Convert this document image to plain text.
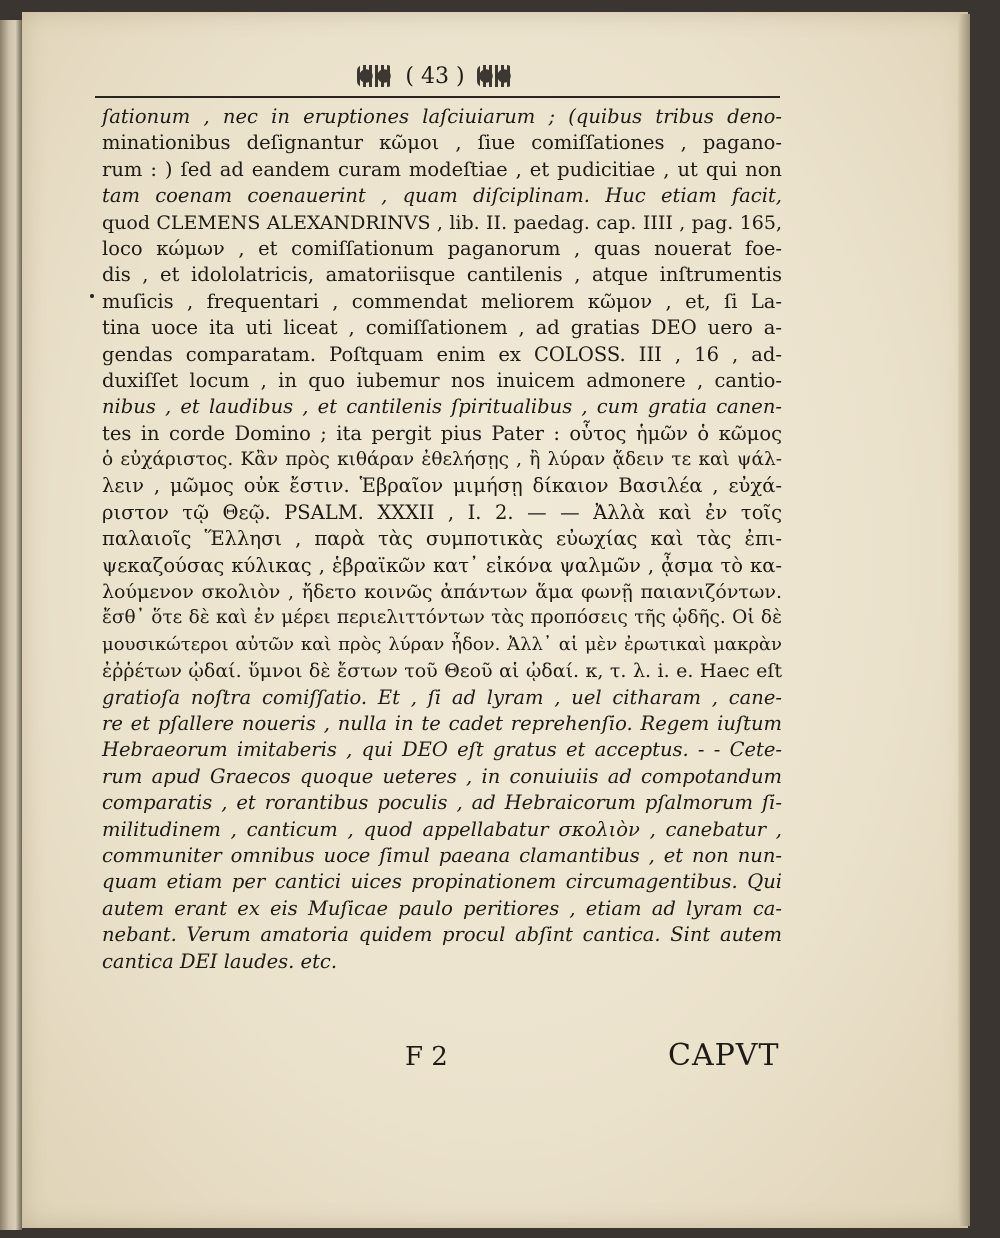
( 43 )
ſationum , nec in eruptiones laſciuiarum ; (quibus tribus deno-
minationibus deſignantur κῶμοι , ſiue comiſſationes , pagano-
rum : ) ſed ad eandem curam modeſtiae , et pudicitiae , ut qui non
tam coenam coenauerint , quam diſciplinam. Huc etiam facit,
quod CLEMENS ALEXANDRINVS , lib. II. paedag. cap. IIII , pag. 165,
loco κώμων , et comiſſationum paganorum , quas nouerat foe-
dis , et idololatricis, amatoriisque cantilenis , atque inſtrumentis
muſicis , frequentari , commendat meliorem κῶμον , et, ſi La-
tina uoce ita uti liceat , comiſſationem , ad gratias DEO uero a-
gendas comparatam. Poſtquam enim ex COLOSS. III , 16 , ad-
duxiſſet locum , in quo iubemur nos inuicem admonere , cantio-
nibus , et laudibus , et cantilenis ſpiritualibus , cum gratia canen-
tes in corde Domino ; ita pergit pius Pater : οὗτος ἡμῶν ὁ κῶμος
ὁ εὐχάριστος. Κἂν πρὸς κιθάραν ἐθελήσῃς , ἢ λύραν ᾄδειν τε καὶ ψάλ-
λειν , μῶμος οὐκ ἔστιν. Ἑβραῖον μιμήσῃ δίκαιον Βασιλέα , εὐχά-
ριστον τῷ Θεῷ. PSALM. XXXII , I. 2. — — Ἀλλὰ καὶ ἐν τοῖς
παλαιοῖς Ἕλλησι , παρὰ τὰς συμποτικὰς εὐωχίας καὶ τὰς ἐπι-
ψεκαζούσας κύλικας , ἑβραϊκῶν κατ᾽ εἰκόνα ψαλμῶν , ᾆσμα τὸ κα-
λούμενον σκολιὸν , ἤδετο κοινῶς ἀπάντων ἅμα φωνῇ παιανιζόντων.
ἔσθ᾽ ὅτε δὲ καὶ ἐν μέρει περιελιττόντων τὰς προπόσεις τῆς ᾠδῆς. Οἱ δὲ
μουσικώτεροι αὐτῶν καὶ πρὸς λύραν ἦδον. Ἀλλ᾽ αἱ μὲν ἐρωτικαὶ μακρὰν
ἐῤῥέτων ᾠδαί. ὕμνοι δὲ ἔστων τοῦ Θεοῦ αἱ ᾠδαί. κ, τ. λ. i. e. Haec eſt
gratioſa noſtra comiſſatio. Et , ſi ad lyram , uel citharam , cane-
re et pſallere noueris , nulla in te cadet reprehenſio. Regem iuſtum
Hebraeorum imitaberis , qui DEO eſt gratus et acceptus. - - Cete-
rum apud Graecos quoque ueteres , in conuiuiis ad compotandum
comparatis , et rorantibus poculis , ad Hebraicorum pſalmorum ſi-
militudinem , canticum , quod appellabatur σκολιὸν , canebatur ,
communiter omnibus uoce ſimul paeana clamantibus , et non nun-
quam etiam per cantici uices propinationem circumagentibus. Qui
autem erant ex eis Muſicae paulo peritiores , etiam ad lyram ca-
nebant. Verum amatoria quidem procul abſint cantica. Sint autem
cantica DEI laudes. etc.
F 2	CAPVT
